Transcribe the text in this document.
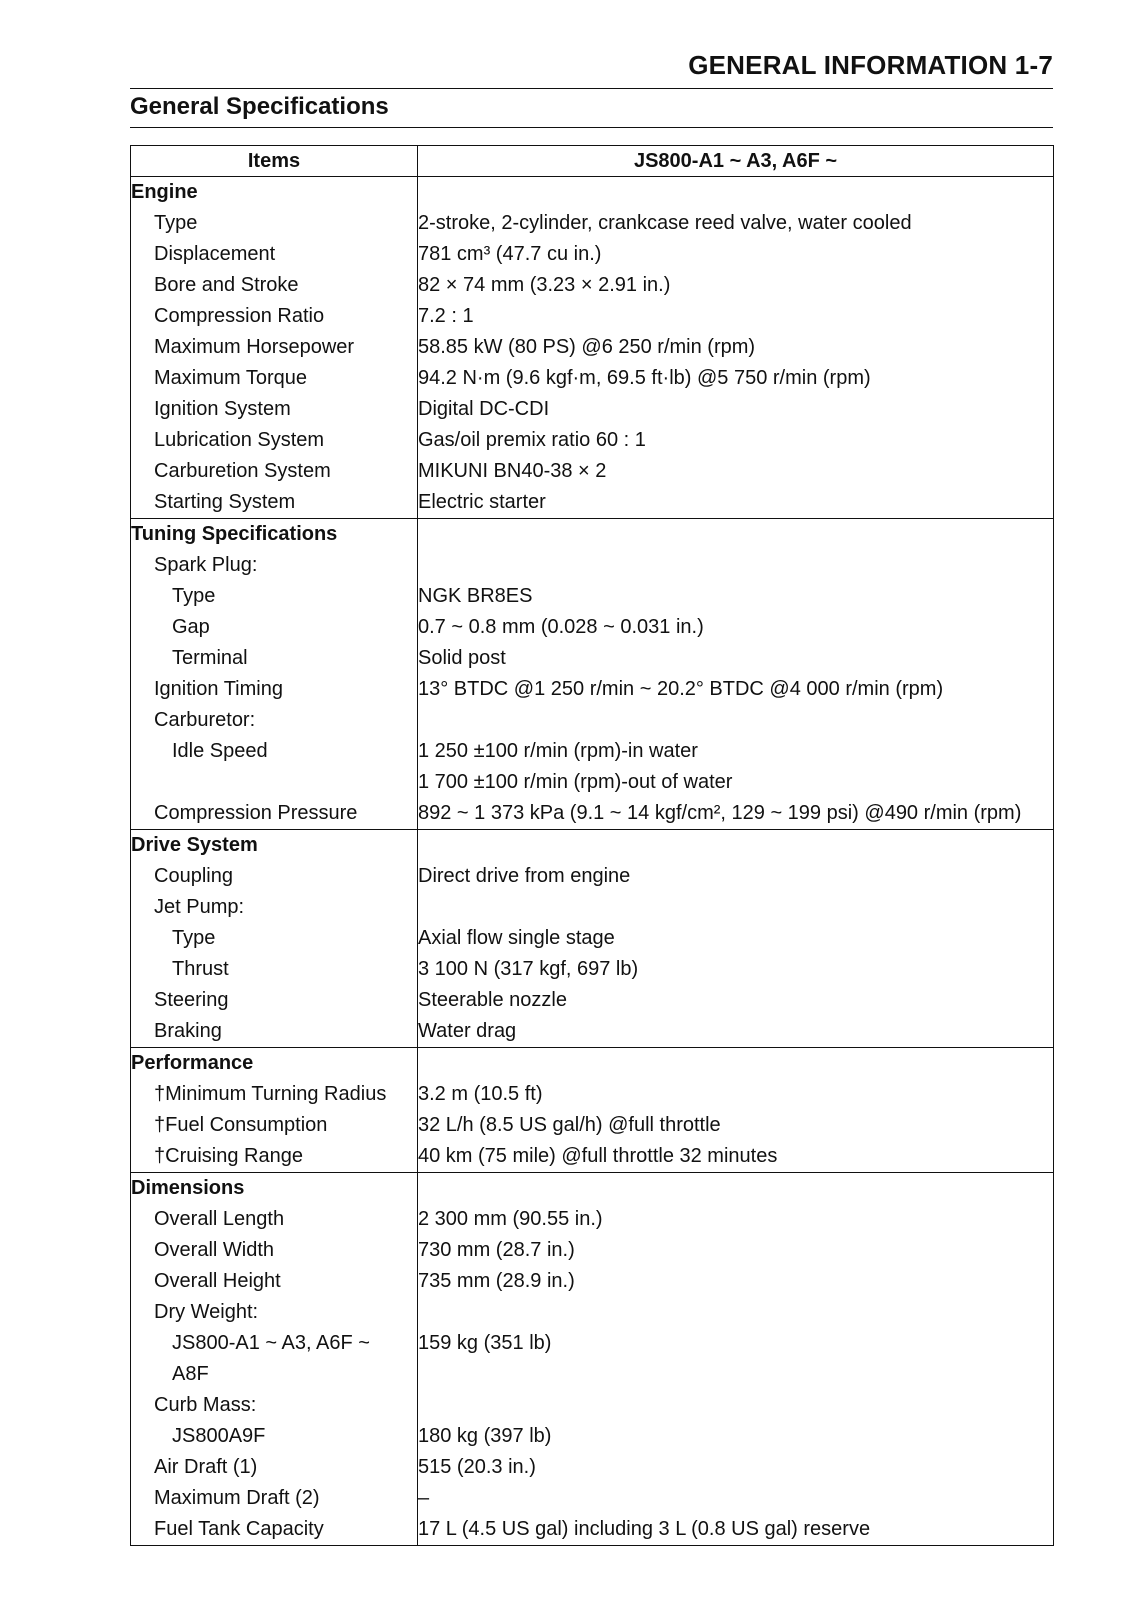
GENERAL INFORMATION 1-7
General Specifications
Items	JS800-A1 ~ A3, A6F ~
Engine	
Type	2-stroke, 2-cylinder, crankcase reed valve, water cooled
Displacement	781 cm³ (47.7 cu in.)
Bore and Stroke	82 × 74 mm (3.23 × 2.91 in.)
Compression Ratio	7.2 : 1
Maximum Horsepower	58.85 kW (80 PS) @6 250 r/min (rpm)
Maximum Torque	94.2 N·m (9.6 kgf·m, 69.5 ft·lb) @5 750 r/min (rpm)
Ignition System	Digital DC-CDI
Lubrication System	Gas/oil premix ratio 60 : 1
Carburetion System	MIKUNI BN40-38 × 2
Starting System	Electric starter
Tuning Specifications	
Spark Plug:	
Type	NGK BR8ES
Gap	0.7 ~ 0.8 mm (0.028 ~ 0.031 in.)
Terminal	Solid post
Ignition Timing	13° BTDC @1 250 r/min ~ 20.2° BTDC @4 000 r/min (rpm)
Carburetor:	
Idle Speed	1 250 ±100 r/min (rpm)-in water
1 700 ±100 r/min (rpm)-out of water

Compression Pressure	892 ~ 1 373 kPa (9.1 ~ 14 kgf/cm², 129 ~ 199 psi) @490 r/min (rpm)
Drive System	
Coupling	Direct drive from engine
Jet Pump:	
Type	Axial flow single stage
Thrust	3 100 N (317 kgf, 697 lb)
Steering	Steerable nozzle
Braking	Water drag
Performance	
†Minimum Turning Radius	3.2 m (10.5 ft)
†Fuel Consumption	32 L/h (8.5 US gal/h) @full throttle
†Cruising Range	40 km (75 mile) @full throttle 32 minutes
Dimensions	
Overall Length	2 300 mm (90.55 in.)
Overall Width	730 mm (28.7 in.)
Overall Height	735 mm (28.9 in.)
Dry Weight:	

JS800-A1 ~ A3, A6F ~
A8F	159 kg (351 lb)
Curb Mass:	
JS800A9F	180 kg (397 lb)
Air Draft (1)	515 (20.3 in.)
Maximum Draft (2)	–
Fuel Tank Capacity	17 L (4.5 US gal) including 3 L (0.8 US gal) reserve
